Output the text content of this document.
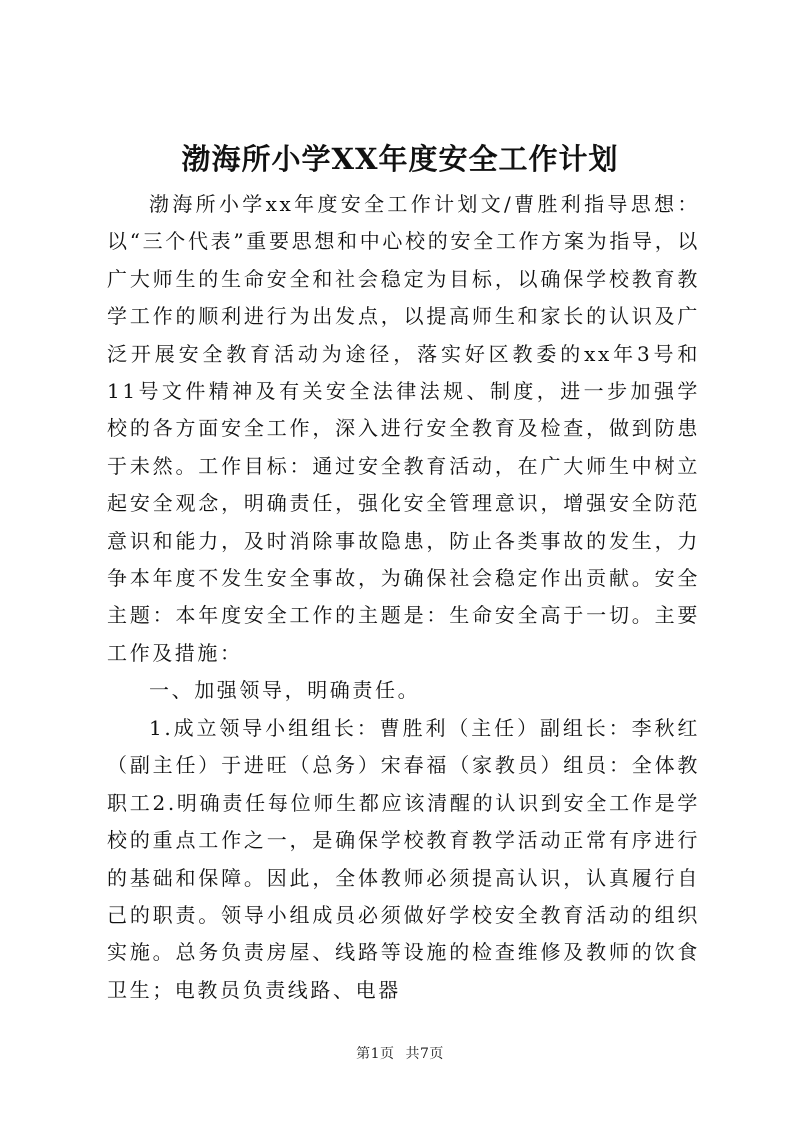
渤海所小学XX年度安全工作计划

渤海所小学xx年度安全工作计划文/曹胜利指导思想：以“三个代表”重要思想和中心校的安全工作方案为指导，以广大师生的生命安全和社会稳定为目标，以确保学校教育教学工作的顺利进行为出发点，以提高师生和家长的认识及广泛开展安全教育活动为途径，落实好区教委的xx年3号和11号文件精神及有关安全法律法规、制度，进一步加强学校的各方面安全工作，深入进行安全教育及检查，做到防患于未然。工作目标：通过安全教育活动，在广大师生中树立起安全观念，明确责任，强化安全管理意识，增强安全防范意识和能力，及时消除事故隐患，防止各类事故的发生，力争本年度不发生安全事故，为确保社会稳定作出贡献。安全主题：本年度安全工作的主题是：生命安全高于一切。主要工作及措施：

一、加强领导，明确责任。

1.成立领导小组组长：曹胜利（主任）副组长：李秋红（副主任）于进旺（总务）宋春福（家教员）组员：全体教职工2.明确责任每位师生都应该清醒的认识到安全工作是学校的重点工作之一，是确保学校教育教学活动正常有序进行的基础和保障。因此，全体教师必须提高认识，认真履行自己的职责。领导小组成员必须做好学校安全教育活动的组织实施。总务负责房屋、线路等设施的检查维修及教师的饮食卫生；电教员负责线路、电器

第1页 共7页
